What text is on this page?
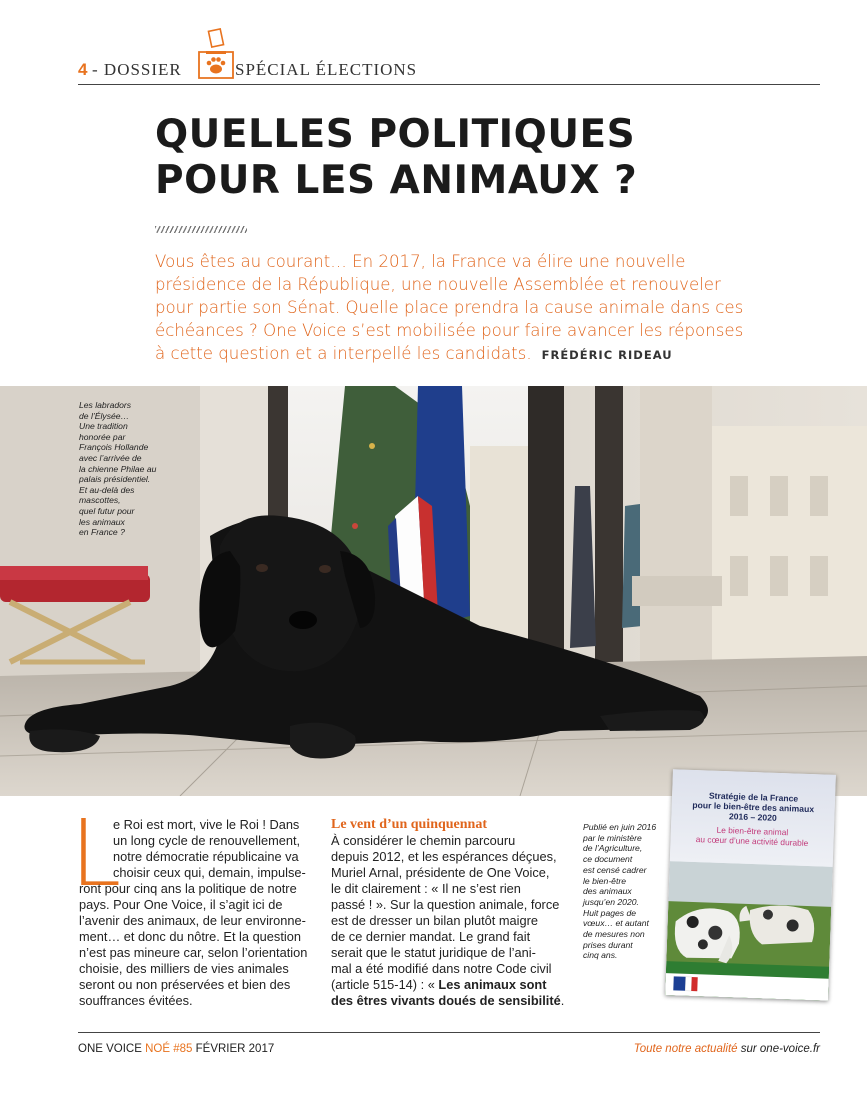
4 - DOSSIER	SPÉCIAL ÉLECTIONS
QUELLES POLITIQUES
POUR LES ANIMAUX ?
Vous êtes au courant… En 2017, la France va élire une nouvelle
présidence de la République, une nouvelle Assemblée et renouveler
pour partie son Sénat. Quelle place prendra la cause animale dans ces
échéances ? One Voice s’est mobilisée pour faire avancer les réponses
à cette question et a interpellé les candidats. FRÉDÉRIC RIDEAU
Les labradors
de l’Élysée…
Une tradition
honorée par
François Hollande
avec l’arrivée de
la chienne Philae au
palais présidentiel.
Et au-delà des
mascottes,
quel futur pour
les animaux
en France ?
L
e Roi est mort, vive le Roi ! Dans
un long cycle de renouvellement,
notre démocratie républicaine va
choisir ceux qui, demain, impulse-
ront pour cinq ans la politique de notre
pays. Pour One Voice, il s’agit ici de
l’avenir des animaux, de leur environne-
ment… et donc du nôtre. Et la question
n’est pas mineure car, selon l’orientation
choisie, des milliers de vies animales
seront ou non préservées et bien des
souffrances évitées.
Le vent d’un quinquennat
À considérer le chemin parcouru
depuis 2012, et les espérances déçues,
Muriel Arnal, présidente de One Voice,
le dit clairement : « Il ne s’est rien
passé ! ». Sur la question animale, force
est de dresser un bilan plutôt maigre
de ce dernier mandat. Le grand fait
serait que le statut juridique de l’ani-
mal a été modifié dans notre Code civil
(article 515-14) : « Les animaux sont
des êtres vivants doués de sensibilité.
Publié en juin 2016
par le ministère
de l’Agriculture,
ce document
est censé cadrer
le bien-être
des animaux
jusqu’en 2020.
Huit pages de
vœux… et autant
de mesures non
prises durant
cinq ans.
Stratégie de la France
pour le bien-être des animaux
2016 – 2020
Le bien-être animal
au cœur d’une activité durable
ONE VOICE NOÉ #85 FÉVRIER 2017	Toute notre actualité sur one-voice.fr
